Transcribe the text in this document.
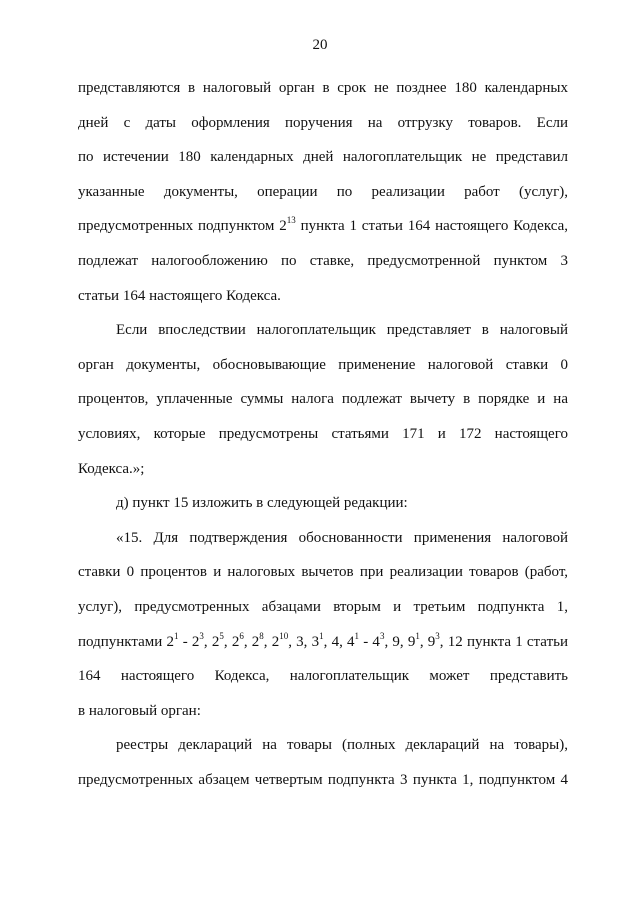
20
представляются в налоговый орган в срок не позднее 180 календарных
дней с даты оформления поручения на отгрузку товаров. Если
по истечении 180 календарных дней налогоплательщик не представил
указанные документы, операции по реализации работ (услуг),
предусмотренных подпунктом $2^{13}$ пункта 1 статьи 164 настоящего Кодекса,
подлежат налогообложению по ставке, предусмотренной пунктом 3
статьи 164 настоящего Кодекса.
Если впоследствии налогоплательщик представляет в налоговый
орган документы, обосновывающие применение налоговой ставки 0
процентов, уплаченные суммы налога подлежат вычету в порядке и на
условиях, которые предусмотрены статьями 171 и 172 настоящего
Кодекса.»;
д) пункт 15 изложить в следующей редакции:
«15. Для подтверждения обоснованности применения налоговой
ставки 0 процентов и налоговых вычетов при реализации товаров (работ,
услуг), предусмотренных абзацами вторым и третьим подпункта 1,
подпунктами $2^1 - 2^3$, $2^5$, $2^6$, $2^8$, $2^{10}$, 3, $3^1$, 4, $4^1 - 4^3$, 9, $9^1$, $9^3$, 12 пункта 1 статьи
164 настоящего Кодекса, налогоплательщик может представить
в налоговый орган:
реестры деклараций на товары (полных деклараций на товары),
предусмотренных абзацем четвертым подпункта 3 пункта 1, подпунктом 4
